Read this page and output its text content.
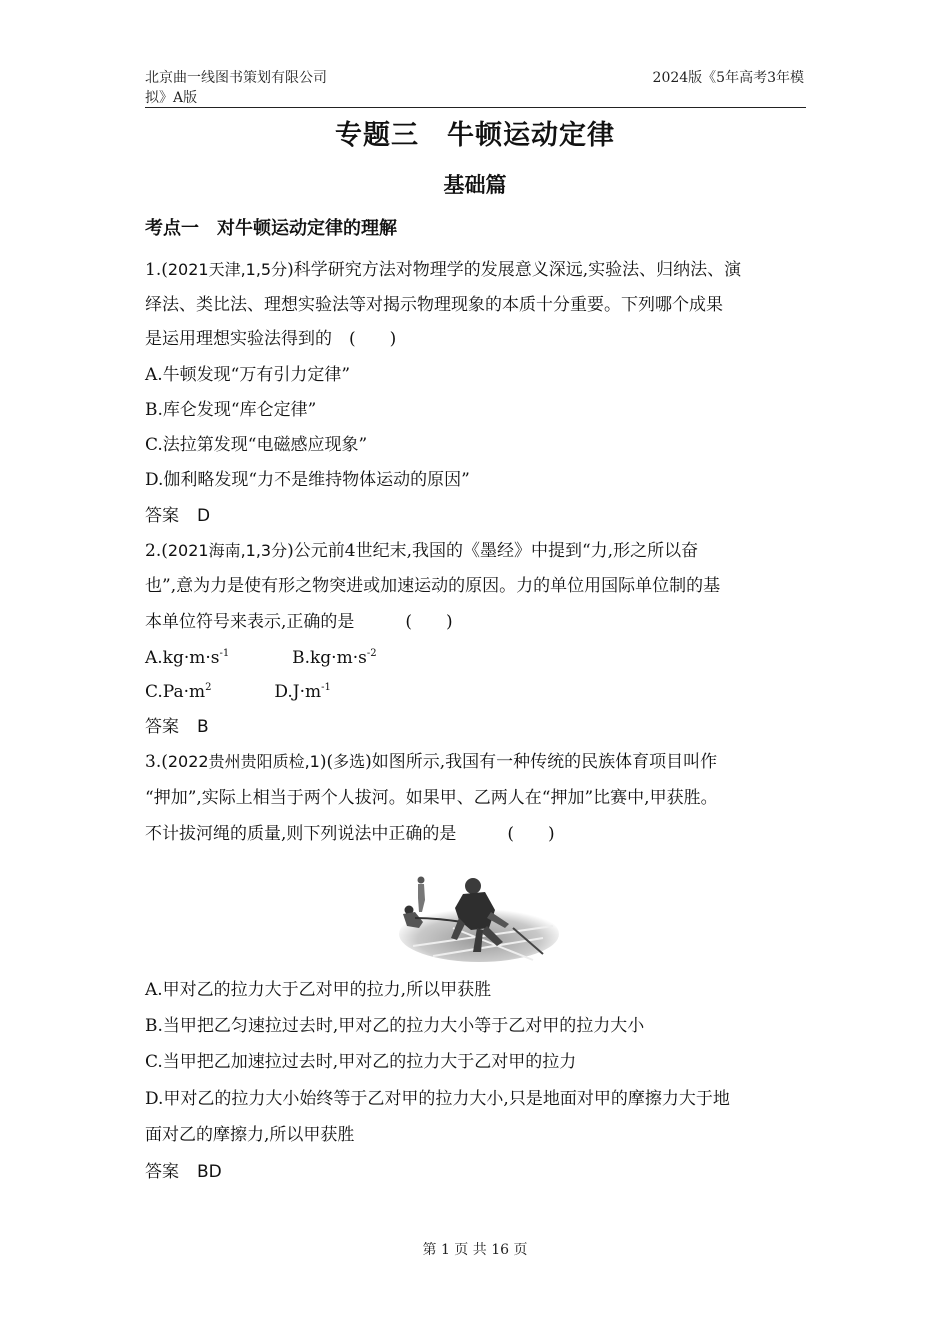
北京曲一线图书策划有限公司
拟》A版
2024版《5年高考3年模
专题三　牛顿运动定律
基础篇
考点一　对牛顿运动定律的理解
1.(2021天津,1,5分)科学研究方法对物理学的发展意义深远,实验法、归纳法、演
绎法、类比法、理想实验法等对揭示物理现象的本质十分重要。下列哪个成果
是运用理想实验法得到的　(　　)
A.牛顿发现“万有引力定律”
B.库仑发现“库仑定律”
C.法拉第发现“电磁感应现象”
D.伽利略发现“力不是维持物体运动的原因”
答案 D
2.(2021海南,1,3分)公元前4世纪末,我国的《墨经》中提到“力,形之所以奋
也”,意为力是使有形之物突进或加速运动的原因。力的单位用国际单位制的基
本单位符号来表示,正确的是　　　(　　)
$A.kg\cdot m\cdot s^{-1}$	$B.kg\cdot m\cdot s^{-2}$
$C.Pa\cdot m^2$	$D.J\cdot m^{-1}$
答案 B
3.(2022贵州贵阳质检,1)(多选)如图所示,我国有一种传统的民族体育项目叫作
“押加”,实际上相当于两个人拔河。如果甲、乙两人在“押加”比赛中,甲获胜。
不计拔河绳的质量,则下列说法中正确的是　　　(　　)
A.甲对乙的拉力大于乙对甲的拉力,所以甲获胜
B.当甲把乙匀速拉过去时,甲对乙的拉力大小等于乙对甲的拉力大小
C.当甲把乙加速拉过去时,甲对乙的拉力大于乙对甲的拉力
D.甲对乙的拉力大小始终等于乙对甲的拉力大小,只是地面对甲的摩擦力大于地
面对乙的摩擦力,所以甲获胜
答案 BD
第 1 页 共 16 页
